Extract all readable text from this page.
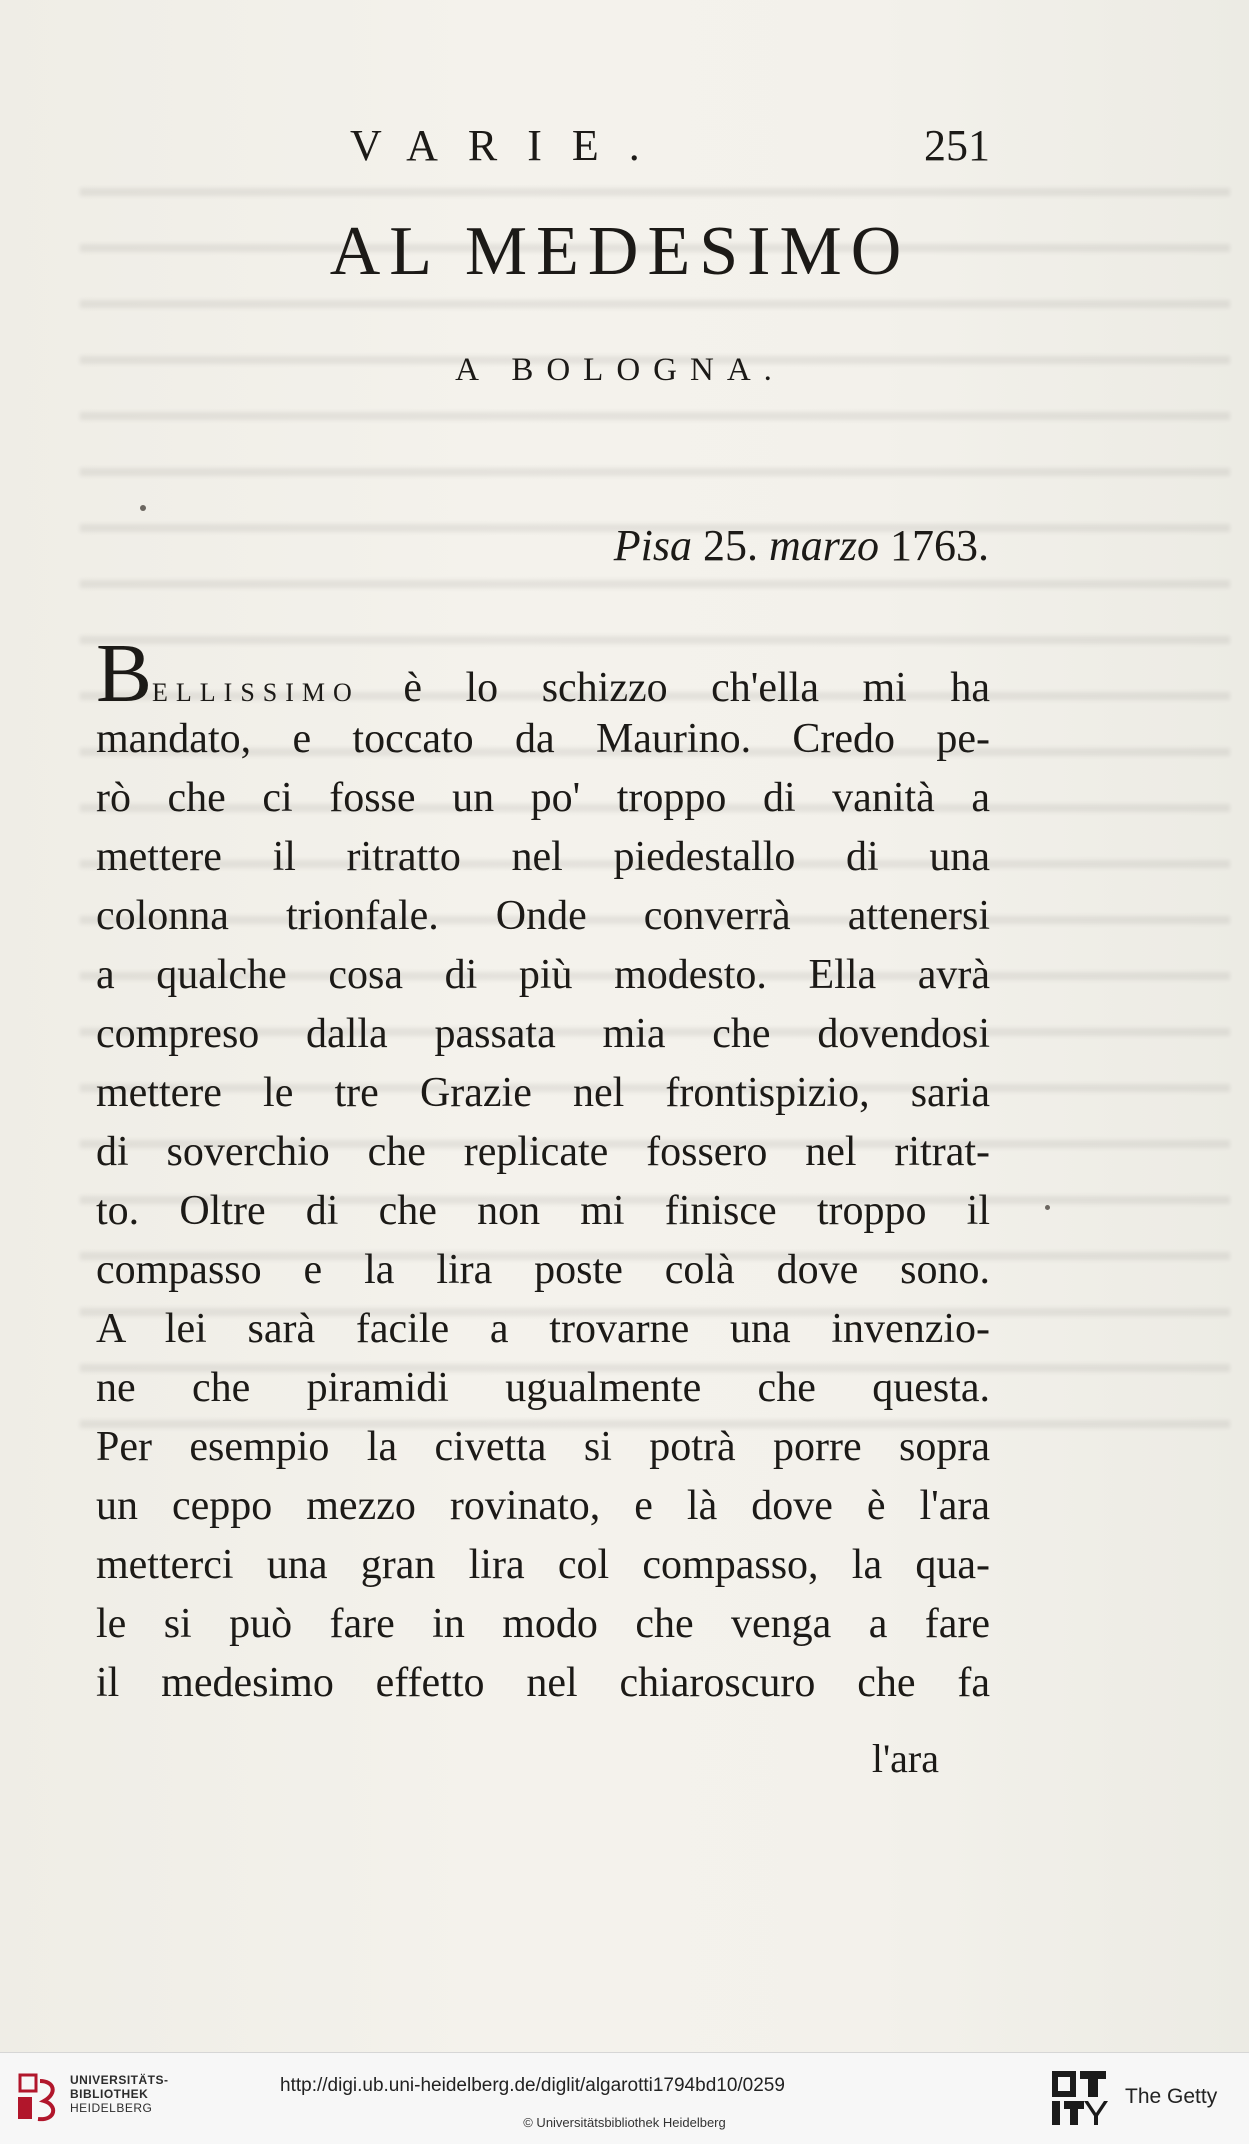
VARIE.	251
AL MEDESIMO
A BOLOGNA.
Pisa 25. marzo 1763.
BELLISSIMO è lo schizzo ch'ella mi ha
mandato, e toccato da Maurino. Credo pe-
rò che ci fosse un po' troppo di vanità a
mettere il ritratto nel piedestallo di una
colonna trionfale. Onde converrà attenersi
a qualche cosa di più modesto. Ella avrà
compreso dalla passata mia che dovendosi
mettere le tre Grazie nel frontispizio, saria
di soverchio che replicate fossero nel ritrat-
to. Oltre di che non mi finisce troppo il
compasso e la lira poste colà dove sono.
A lei sarà facile a trovarne una invenzio-
ne che piramidi ugualmente che questa.
Per esempio la civetta si potrà porre sopra
un ceppo mezzo rovinato, e là dove è l'ara
metterci una gran lira col compasso, la qua-
le si può fare in modo che venga a fare
il medesimo effetto nel chiaroscuro che fa
l'ara
UNIVERSITÄTS-
BIBLIOTHEK
HEIDELBERG
http://digi.ub.uni-heidelberg.de/diglit/algarotti1794bd10/0259
© Universitätsbibliothek Heidelberg
The Getty
